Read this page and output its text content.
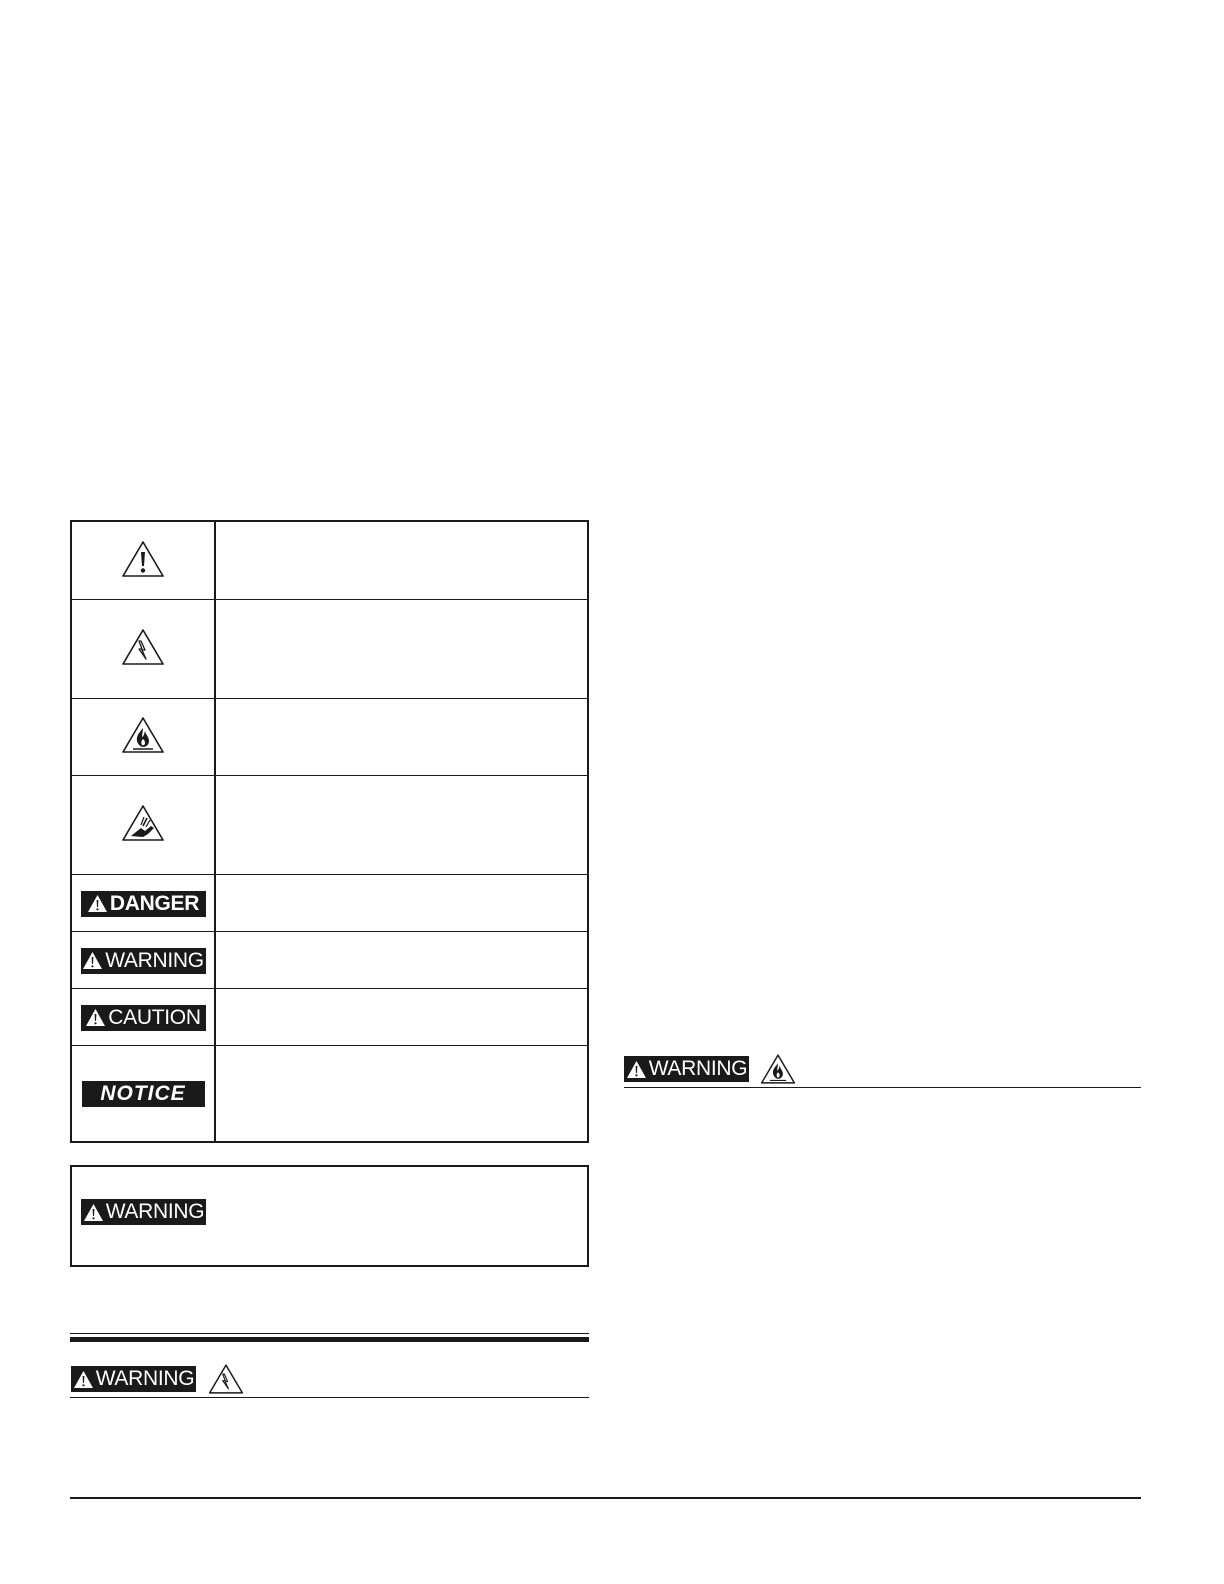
DANGER
WARNING
CAUTION
NOTICE
WARNING
WARNING
WARNING
